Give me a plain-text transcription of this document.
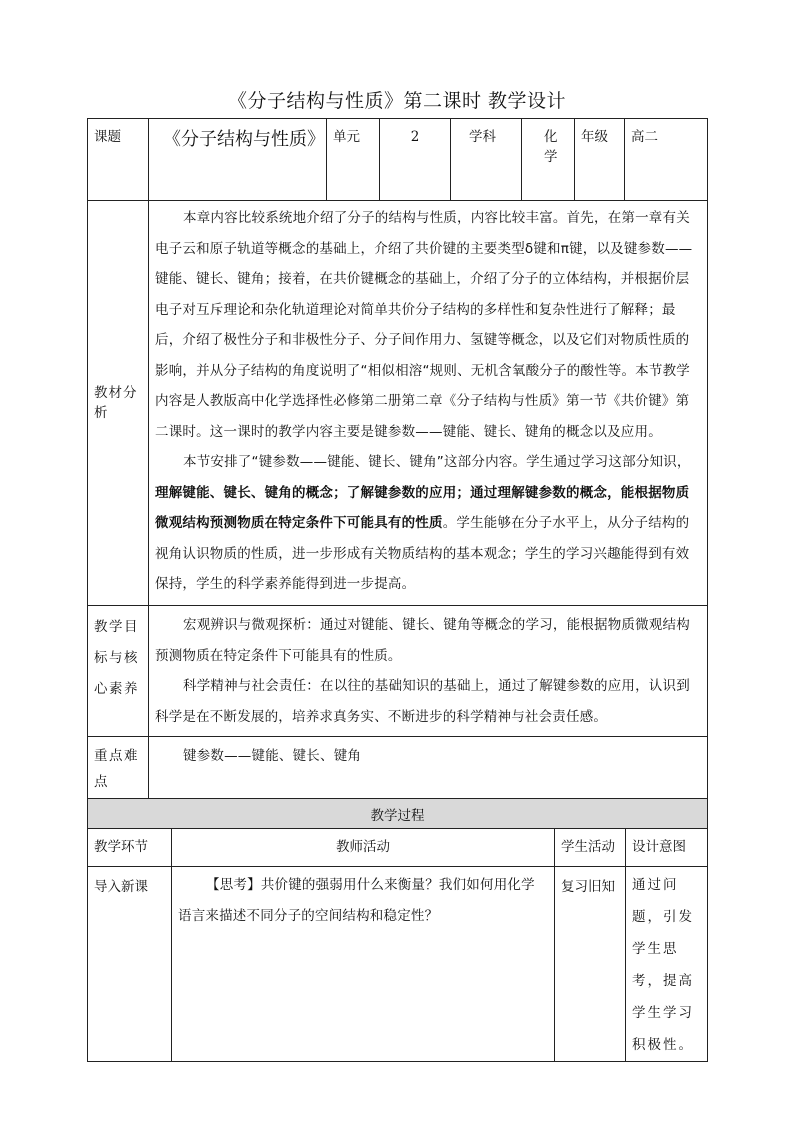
《分子结构与性质》第二课时 教学设计
课题	《分子结构与性质》	单元	2	学科	化学	年级	高二
教材分析	本章内容比较系统地介绍了分子的结构与性质，内容比较丰富。首先，在第一章有关电子云和原子轨道等概念的基础上，介绍了共价键的主要类型δ键和π键，以及键参数——键能、键长、键角；接着，在共价键概念的基础上，介绍了分子的立体结构，并根据价层电子对互斥理论和杂化轨道理论对简单共价分子结构的多样性和复杂性进行了解释；最后，介绍了极性分子和非极性分子、分子间作用力、氢键等概念，以及它们对物质性质的影响，并从分子结构的角度说明了“相似相溶“规则、无机含氧酸分子的酸性等。本节教学内容是人教版高中化学选择性必修第二册第二章《分子结构与性质》第一节《共价键》第二课时。这一课时的教学内容主要是键参数——键能、键长、键角的概念以及应用。

本节安排了“键参数——键能、键长、键角”这部分内容。学生通过学习这部分知识，理解键能、键长、键角的概念；了解键参数的应用；通过理解键参数的概念，能根据物质微观结构预测物质在特定条件下可能具有的性质。学生能够在分子水平上，从分子结构的视角认识物质的性质，进一步形成有关物质结构的基本观念；学生的学习兴趣能得到有效保持，学生的科学素养能得到进一步提高。						

教学目标与核心素养	宏观辨识与微观探析：通过对键能、键长、键角等概念的学习，能根据物质微观结构预测物质在特定条件下可能具有的性质。

科学精神与社会责任：在以往的基础知识的基础上，通过了解键参数的应用，认识到科学是在不断发展的，培养求真务实、不断进步的科学精神与社会责任感。						

重点难点	键参数——键能、键长、键角						

教学过程			
教学环节	教师活动	学生活动	设计意图
导入新课	【思考】共价键的强弱用什么来衡量？我们如何用化学语言来描述不同分子的空间结构和稳定性？	复习旧知	通过问题，引发学生思考，提高学生学习积极性。
